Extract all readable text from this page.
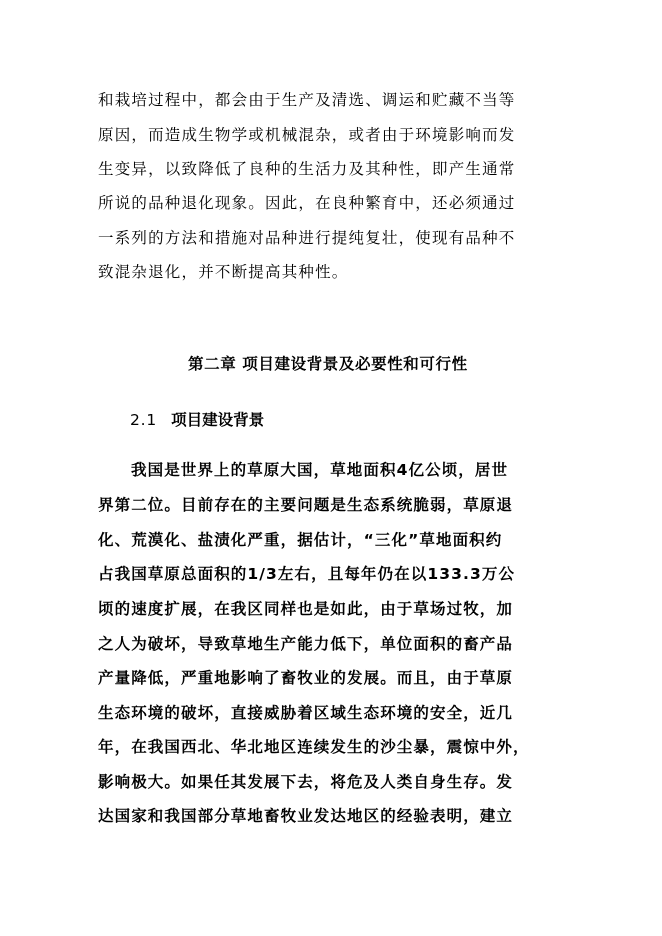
和栽培过程中，都会由于生产及清选、调运和贮藏不当等
原因，而造成生物学或机械混杂，或者由于环境影响而发
生变异，以致降低了良种的生活力及其种性，即产生通常
所说的品种退化现象。因此，在良种繁育中，还必须通过
一系列的方法和措施对品种进行提纯复壮，使现有品种不
致混杂退化，并不断提高其种性。
第二章 项目建设背景及必要性和可行性
2.1 项目建设背景
我国是世界上的草原大国，草地面积4亿公顷，居世
界第二位。目前存在的主要问题是生态系统脆弱，草原退
化、荒漠化、盐渍化严重，据估计，“三化”草地面积约
占我国草原总面积的1/3左右，且每年仍在以133.3万公
顷的速度扩展，在我区同样也是如此，由于草场过牧，加
之人为破坏，导致草地生产能力低下，单位面积的畜产品
产量降低，严重地影响了畜牧业的发展。而且，由于草原
生态环境的破坏，直接威胁着区域生态环境的安全，近几
年，在我国西北、华北地区连续发生的沙尘暴，震惊中外，
影响极大。如果任其发展下去，将危及人类自身生存。发
达国家和我国部分草地畜牧业发达地区的经验表明，建立
